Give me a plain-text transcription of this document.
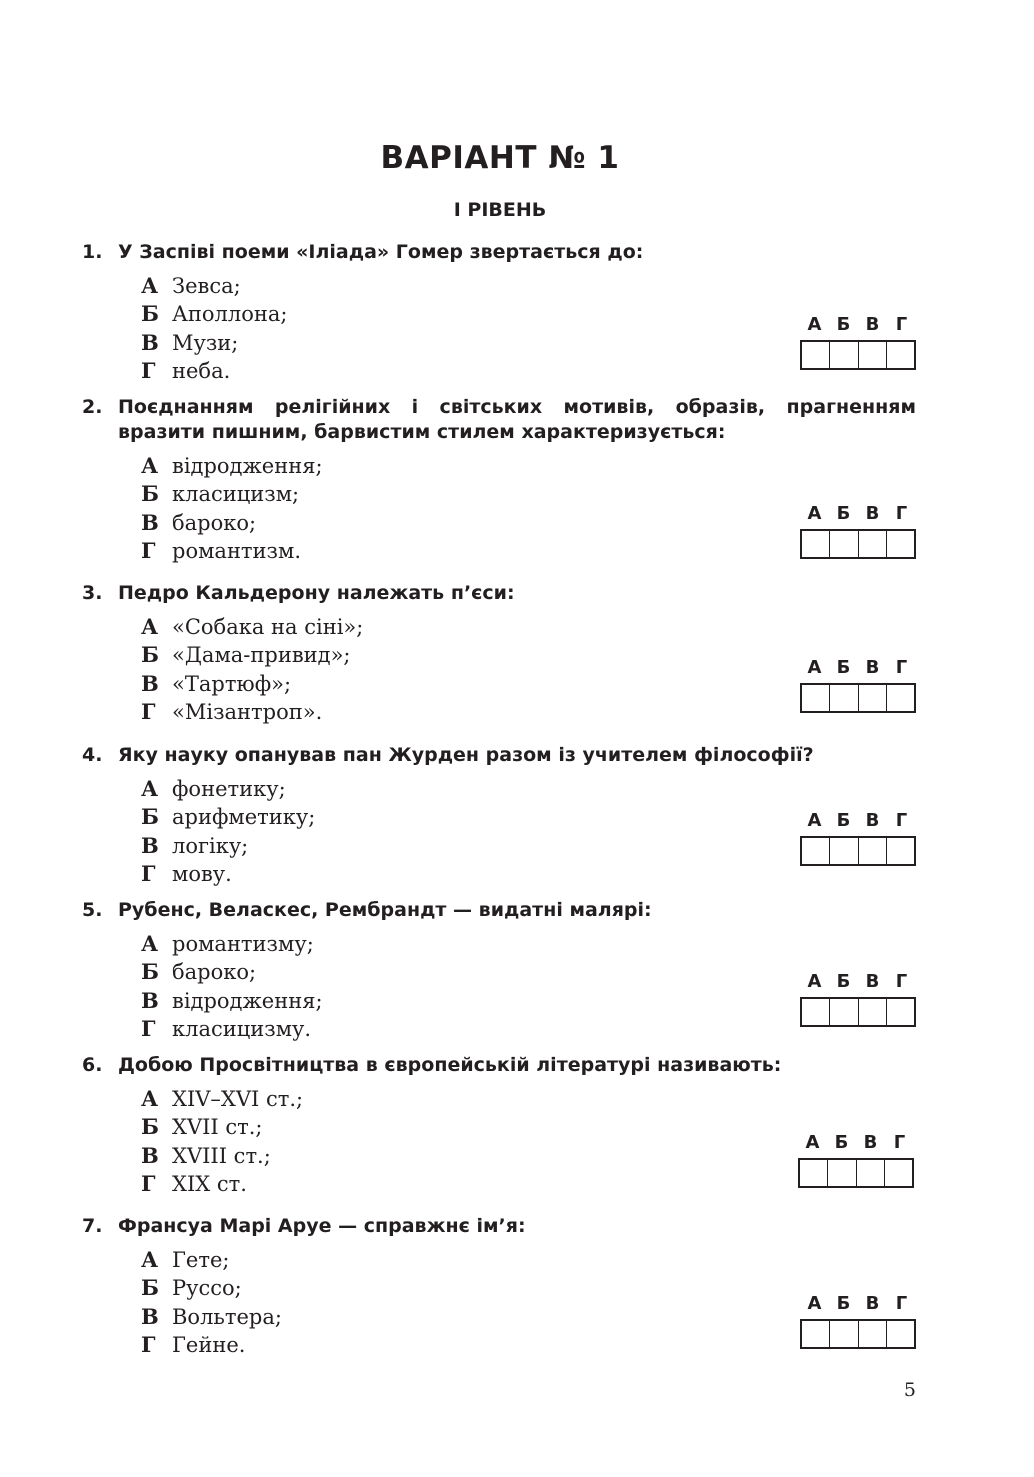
ВАРІАНТ № 1
І РІВЕНЬ
1. У Заспіві поеми «Іліада» Гомер звертається до:
А Зевса;
Б Аполлона;
В Музи;
Г неба.
А Б В Г
2. Поєднанням релігійних і світських мотивів, образів, прагненням вразити пишним, барвистим стилем характеризується:
А відродження;
Б класицизм;
В бароко;
Г романтизм.
А Б В Г
3. Педро Кальдерону належать п’єси:
А «Собака на сіні»;
Б «Дама-привид»;
В «Тартюф»;
Г «Мізантроп».
А Б В Г
4. Яку науку опанував пан Журден разом із учителем філософії?
А фонетику;
Б арифметику;
В логіку;
Г мову.
А Б В Г
5. Рубенс, Веласкес, Рембрандт — видатні малярі:
А романтизму;
Б бароко;
В відродження;
Г класицизму.
А Б В Г
6. Добою Просвітництва в європейській літературі називають:
А XIV–XVI ст.;
Б XVII ст.;
В XVIII ст.;
Г XIX ст.
А Б В Г
7. Франсуа Марі Аруе — справжнє ім’я:
А Гете;
Б Руссо;
В Вольтера;
Г Гейне.
А Б В Г
5
